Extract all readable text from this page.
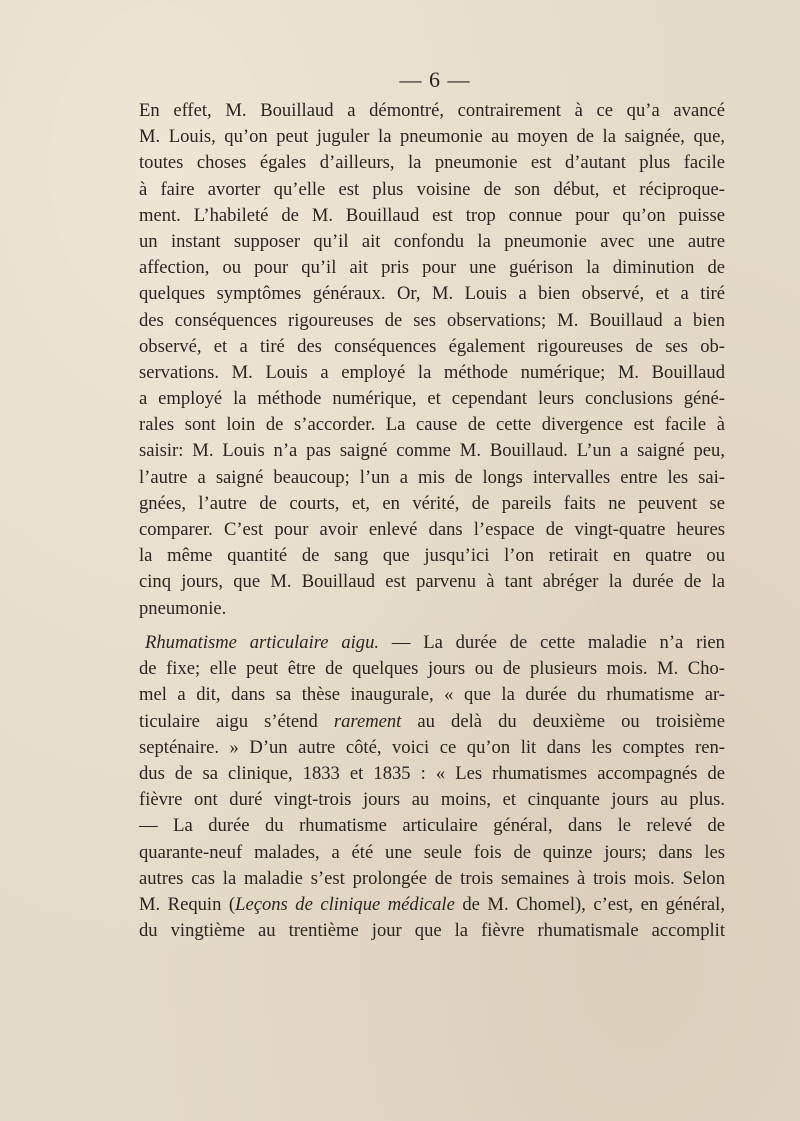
— 6 —
En effet, M. Bouillaud a démontré, contrairement à ce qu’a avancé
M. Louis, qu’on peut juguler la pneumonie au moyen de la saignée, que,
toutes choses égales d’ailleurs, la pneumonie est d’autant plus facile
à faire avorter qu’elle est plus voisine de son début, et réciproque-
ment. L’habileté de M. Bouillaud est trop connue pour qu’on puisse
un instant supposer qu’il ait confondu la pneumonie avec une autre
affection, ou pour qu’il ait pris pour une guérison la diminution de
quelques symptômes généraux. Or, M. Louis a bien observé, et a tiré
des conséquences rigoureuses de ses observations; M. Bouillaud a bien
observé, et a tiré des conséquences également rigoureuses de ses ob-
servations. M. Louis a employé la méthode numérique; M. Bouillaud
a employé la méthode numérique, et cependant leurs conclusions géné-
rales sont loin de s’accorder. La cause de cette divergence est facile à
saisir: M. Louis n’a pas saigné comme M. Bouillaud. L’un a saigné peu,
l’autre a saigné beaucoup; l’un a mis de longs intervalles entre les sai-
gnées, l’autre de courts, et, en vérité, de pareils faits ne peuvent se
comparer. C’est pour avoir enlevé dans l’espace de vingt-quatre heures
la même quantité de sang que jusqu’ici l’on retirait en quatre ou
cinq jours, que M. Bouillaud est parvenu à tant abréger la durée de la
pneumonie.
Rhumatisme articulaire aigu. — La durée de cette maladie n’a rien
de fixe; elle peut être de quelques jours ou de plusieurs mois. M. Cho-
mel a dit, dans sa thèse inaugurale, « que la durée du rhumatisme ar-
ticulaire aigu s’étend rarement au delà du deuxième ou troisième
septénaire. » D’un autre côté, voici ce qu’on lit dans les comptes ren-
dus de sa clinique, 1833 et 1835 : « Les rhumatismes accompagnés de
fièvre ont duré vingt-trois jours au moins, et cinquante jours au plus.
— La durée du rhumatisme articulaire général, dans le relevé de
quarante-neuf malades, a été une seule fois de quinze jours; dans les
autres cas la maladie s’est prolongée de trois semaines à trois mois. Selon
M. Requin (Leçons de clinique médicale de M. Chomel), c’est, en général,
du vingtième au trentième jour que la fièvre rhumatismale accomplit
